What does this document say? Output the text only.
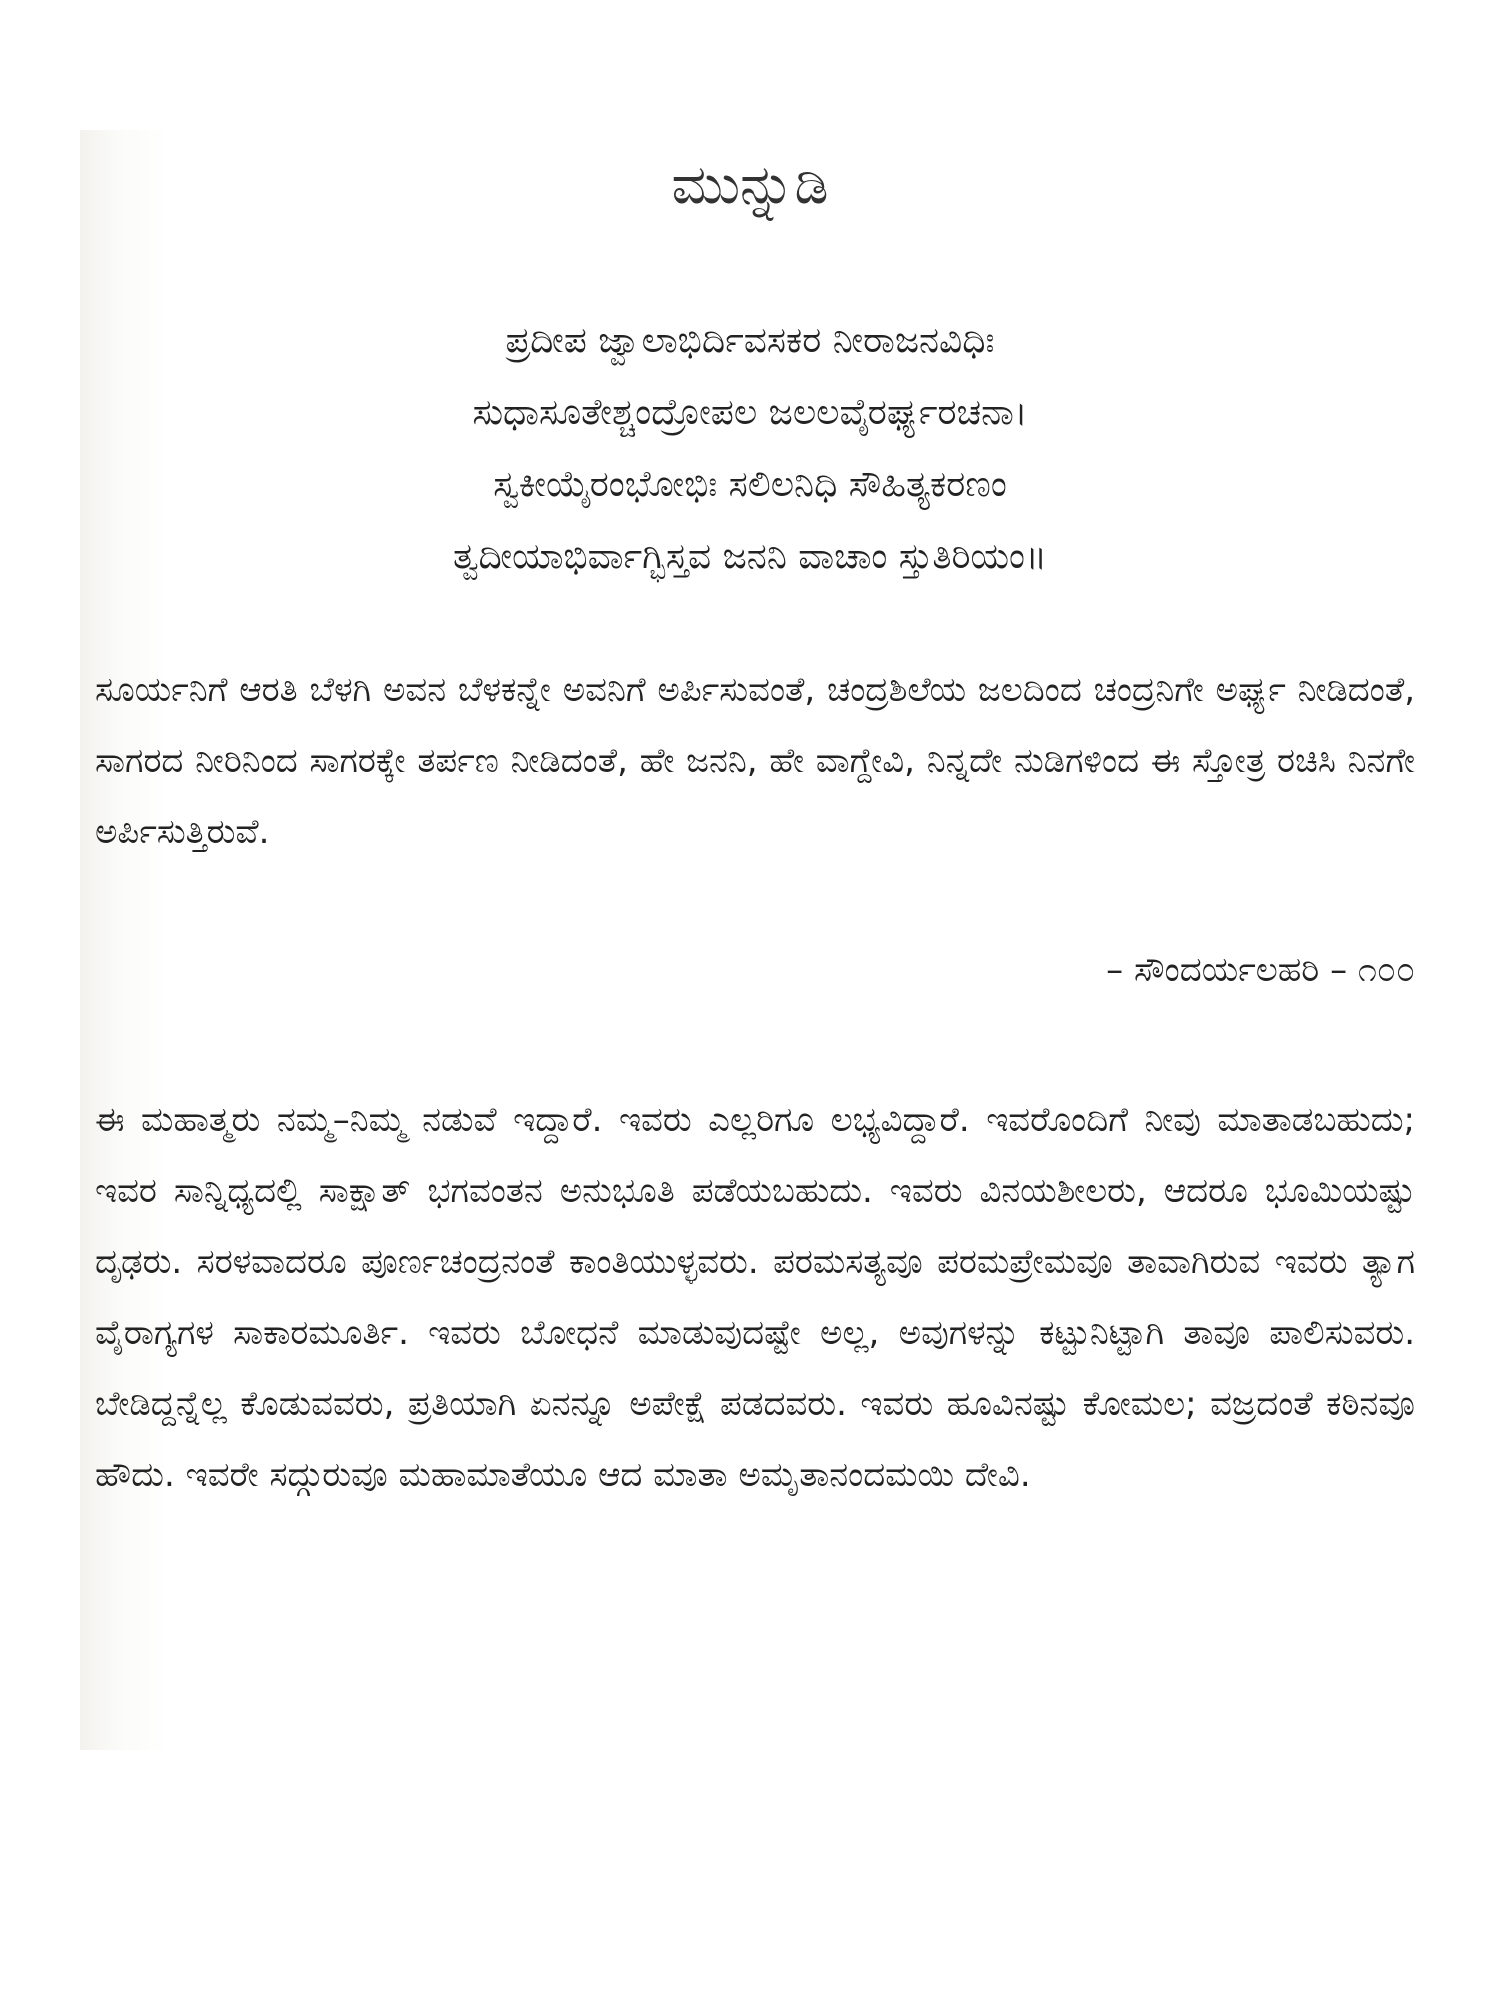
ಮುನ್ನುಡಿ
ಪ್ರದೀಪ ಜ್ವಾಲಾಭಿರ್ದಿವಸಕರ ನೀರಾಜನವಿಧಿಃ
ಸುಧಾಸೂತೇಶ್ಚಂದ್ರೋಪಲ ಜಲಲವೈರರ್ಘ್ಯರಚನಾ।
ಸ್ವಕೀಯೈರಂಭೋಭಿಃ ಸಲಿಲನಿಧಿ ಸೌಹಿತ್ಯಕರಣಂ
ತ್ವದೀಯಾಭಿರ್ವಾಗ್ಭಿಸ್ತವ ಜನನಿ ವಾಚಾಂ ಸ್ತುತಿರಿಯಂ॥
ಸೂರ್ಯನಿಗೆ ಆರತಿ ಬೆಳಗಿ ಅವನ ಬೆಳಕನ್ನೇ ಅವನಿಗೆ ಅರ್ಪಿಸುವಂತೆ, ಚಂದ್ರಶಿಲೆಯ ಜಲದಿಂದ ಚಂದ್ರನಿಗೇ ಅರ್ಘ್ಯ ನೀಡಿದಂತೆ, ಸಾಗರದ ನೀರಿನಿಂದ ಸಾಗರಕ್ಕೇ ತರ್ಪಣ ನೀಡಿದಂತೆ, ಹೇ ಜನನಿ, ಹೇ ವಾಗ್ದೇವಿ, ನಿನ್ನದೇ ನುಡಿಗಳಿಂದ ಈ ಸ್ತೋತ್ರ ರಚಿಸಿ ನಿನಗೇ ಅರ್ಪಿಸುತ್ತಿರುವೆ.
– ಸೌಂದರ್ಯಲಹರಿ – ೧೦೦
ಈ ಮಹಾತ್ಮರು ನಮ್ಮ–ನಿಮ್ಮ ನಡುವೆ ಇದ್ದಾರೆ. ಇವರು ಎಲ್ಲರಿಗೂ ಲಭ್ಯವಿದ್ದಾರೆ. ಇವರೊಂದಿಗೆ ನೀವು ಮಾತಾಡಬಹುದು; ಇವರ ಸಾನ್ನಿಧ್ಯದಲ್ಲಿ ಸಾಕ್ಷಾತ್ ಭಗವಂತನ ಅನುಭೂತಿ ಪಡೆಯಬಹುದು. ಇವರು ವಿನಯಶೀಲರು, ಆದರೂ ಭೂಮಿಯಷ್ಟು ದೃಢರು. ಸರಳವಾದರೂ ಪೂರ್ಣಚಂದ್ರನಂತೆ ಕಾಂತಿಯುಳ್ಳವರು. ಪರಮಸತ್ಯವೂ ಪರಮಪ್ರೇಮವೂ ತಾವಾಗಿರುವ ಇವರು ತ್ಯಾಗ ವೈರಾಗ್ಯಗಳ ಸಾಕಾರಮೂರ್ತಿ. ಇವರು ಬೋಧನೆ ಮಾಡುವುದಷ್ಟೇ ಅಲ್ಲ, ಅವುಗಳನ್ನು ಕಟ್ಟುನಿಟ್ಟಾಗಿ ತಾವೂ ಪಾಲಿಸುವರು. ಬೇಡಿದ್ದನ್ನೆಲ್ಲ ಕೊಡುವವರು, ಪ್ರತಿಯಾಗಿ ಏನನ್ನೂ ಅಪೇಕ್ಷೆ ಪಡದವರು. ಇವರು ಹೂವಿನಷ್ಟು ಕೋಮಲ; ವಜ್ರದಂತೆ ಕಠಿನವೂ ಹೌದು. ಇವರೇ ಸದ್ಗುರುವೂ ಮಹಾಮಾತೆಯೂ ಆದ ಮಾತಾ ಅಮೃತಾನಂದಮಯಿ ದೇವಿ.
